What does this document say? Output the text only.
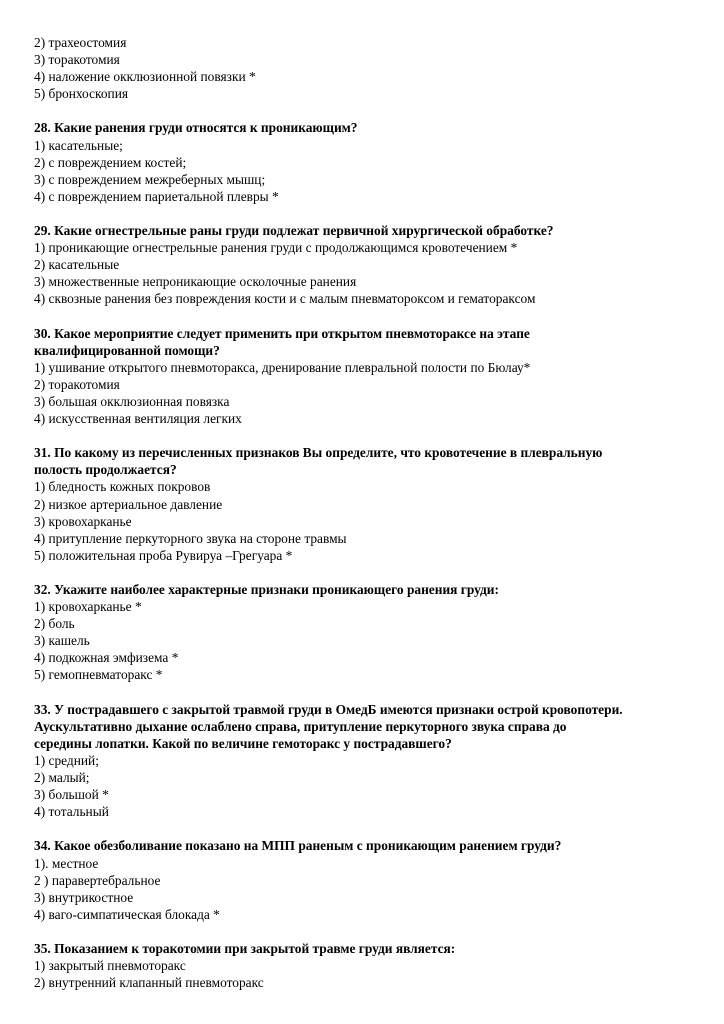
2) трахеостомия
3) торакотомия
4) наложение окклюзионной повязки *
5) бронхоскопия
28. Какие ранения груди относятся к проникающим?
1) касательные;
2) с повреждением костей;
3) с повреждением межреберных мышц;
4) с повреждением париетальной плевры *
29. Какие огнестрельные раны груди подлежат первичной хирургической обработке?
1) проникающие огнестрельные ранения груди с продолжающимся кровотечением *
2) касательные
3) множественные непроникающие осколочные ранения
4) сквозные ранения без повреждения кости и с малым пневматороксом и гематораксом
30. Какое мероприятие следует применить при открытом пневмотораксе на этапе
квалифицированной помощи?
1) ушивание открытого пневмоторакса, дренирование плевральной полости по Бюлау*
2) торакотомия
3) большая окклюзионная повязка
4) искусственная вентиляция легких
31. По какому из перечисленных признаков Вы определите, что кровотечение в плевральную
полость продолжается?
1) бледность кожных покровов
2) низкое артериальное давление
3) кровохарканье
4) притупление перкуторного звука на стороне травмы
5) положительная проба Рувируа –Грегуара *
32. Укажите наиболее характерные признаки проникающего ранения груди:
1) кровохарканье *
2) боль
3) кашель
4) подкожная эмфизема *
5) гемопневматоракс *
33. У пострадавшего с закрытой травмой груди в ОмедБ имеются признаки острой кровопотери.
Аускультативно дыхание ослаблено справа, притупление перкуторного звука справа до
середины лопатки. Какой по величине гемоторакс у пострадавшего?
1) средний;
2) малый;
3) большой *
4) тотальный
34. Какое обезболивание показано на МПП раненым с проникающим ранением груди?
1). местное
2 ) паравертебральное
3) внутрикостное
4) ваго-симпатическая блокада *
35. Показанием к торакотомии при закрытой травме груди является:
1) закрытый пневмоторакс
2) внутренний клапанный пневмоторакс
